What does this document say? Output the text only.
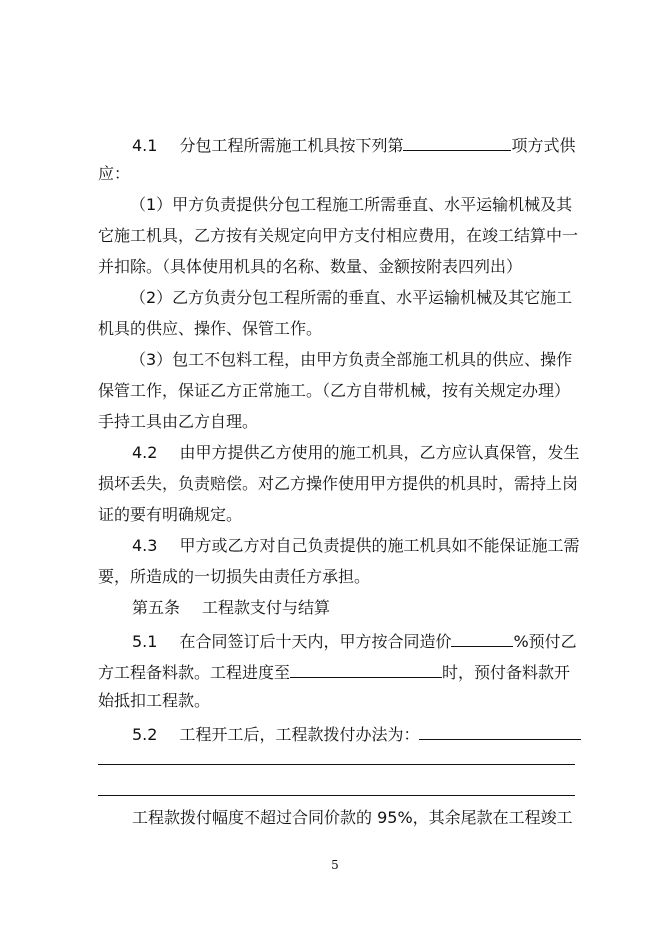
4.1 分包工程所需施工机具按下列第	项方式供
应：
（1）甲方负责提供分包工程施工所需垂直、水平运输机械及其
它施工机具，乙方按有关规定向甲方支付相应费用，在竣工结算中一
并扣除。（具体使用机具的名称、数量、金额按附表四列出）
（2）乙方负责分包工程所需的垂直、水平运输机械及其它施工
机具的供应、操作、保管工作。
（3）包工不包料工程，由甲方负责全部施工机具的供应、操作
保管工作，保证乙方正常施工。（乙方自带机械，按有关规定办理）
手持工具由乙方自理。
4.2 由甲方提供乙方使用的施工机具，乙方应认真保管，发生
损坏丢失，负责赔偿。对乙方操作使用甲方提供的机具时，需持上岗
证的要有明确规定。
4.3 甲方或乙方对自己负责提供的施工机具如不能保证施工需
要，所造成的一切损失由责任方承担。
第五条 工程款支付与结算
5.1 在合同签订后十天内，甲方按合同造价	%预付乙
方工程备料款。工程进度至	时，预付备料款开
始抵扣工程款。
5.2 工程开工后，工程款拨付办法为：
工程款拨付幅度不超过合同价款的 95%，其余尾款在工程竣工
5
